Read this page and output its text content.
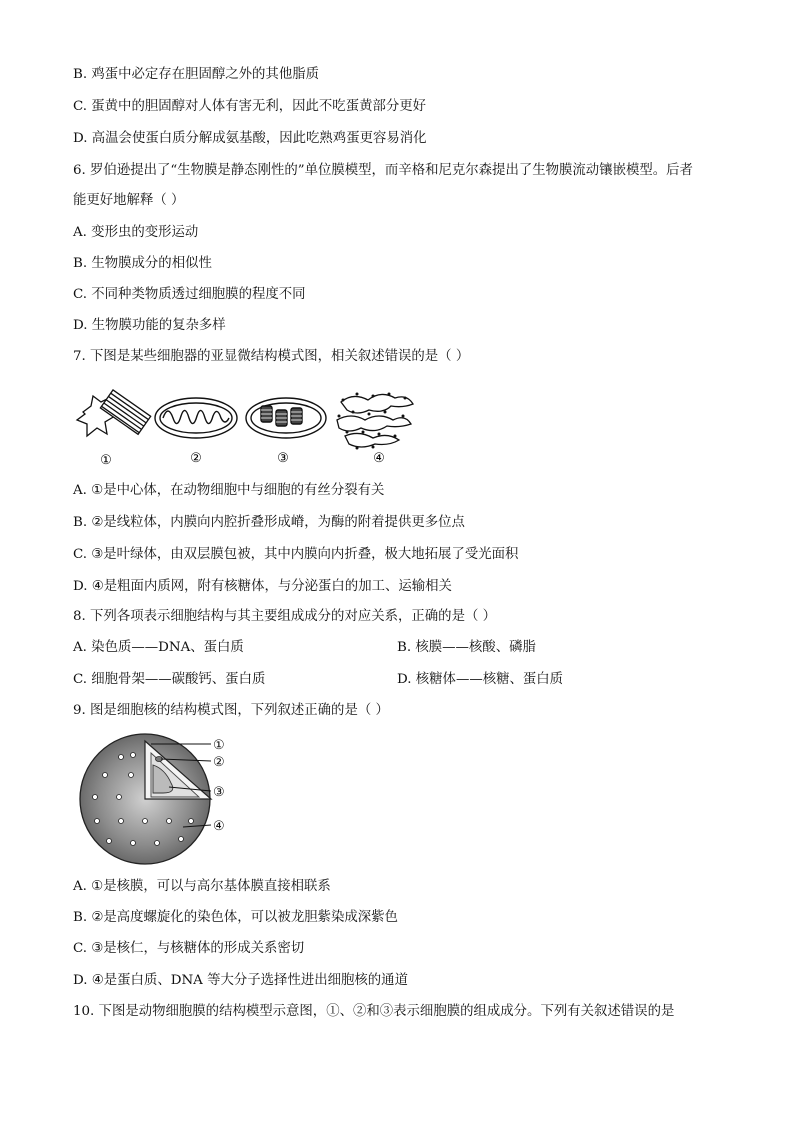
B. 鸡蛋中必定存在胆固醇之外的其他脂质
C. 蛋黄中的胆固醇对人体有害无利，因此不吃蛋黄部分更好
D. 高温会使蛋白质分解成氨基酸，因此吃熟鸡蛋更容易消化
6. 罗伯逊提出了“生物膜是静态刚性的”单位膜模型，而辛格和尼克尔森提出了生物膜流动镶嵌模型。后者
能更好地解释（ ）
A. 变形虫的变形运动
B. 生物膜成分的相似性
C. 不同种类物质透过细胞膜的程度不同
D. 生物膜功能的复杂多样
7. 下图是某些细胞器的亚显微结构模式图，相关叙述错误的是（ ）
①	②	③	④
A. ①是中心体，在动物细胞中与细胞的有丝分裂有关
B. ②是线粒体，内膜向内腔折叠形成嵴，为酶的附着提供更多位点
C. ③是叶绿体，由双层膜包被，其中内膜向内折叠，极大地拓展了受光面积
D. ④是粗面内质网，附有核糖体，与分泌蛋白的加工、运输相关
8. 下列各项表示细胞结构与其主要组成成分的对应关系，正确的是（ ）
A. 染色质——DNA、蛋白质	B. 核膜——核酸、磷脂
C. 细胞骨架——碳酸钙、蛋白质	D. 核糖体——核糖、蛋白质
9. 图是细胞核的结构模式图，下列叙述正确的是（ ）
①
②
③
④
A. ①是核膜，可以与高尔基体膜直接相联系
B. ②是高度螺旋化的染色体，可以被龙胆紫染成深紫色
C. ③是核仁，与核糖体的形成关系密切
D. ④是蛋白质、DNA 等大分子选择性进出细胞核的通道
10. 下图是动物细胞膜的结构模型示意图，①、②和③表示细胞膜的组成成分。下列有关叙述错误的是
